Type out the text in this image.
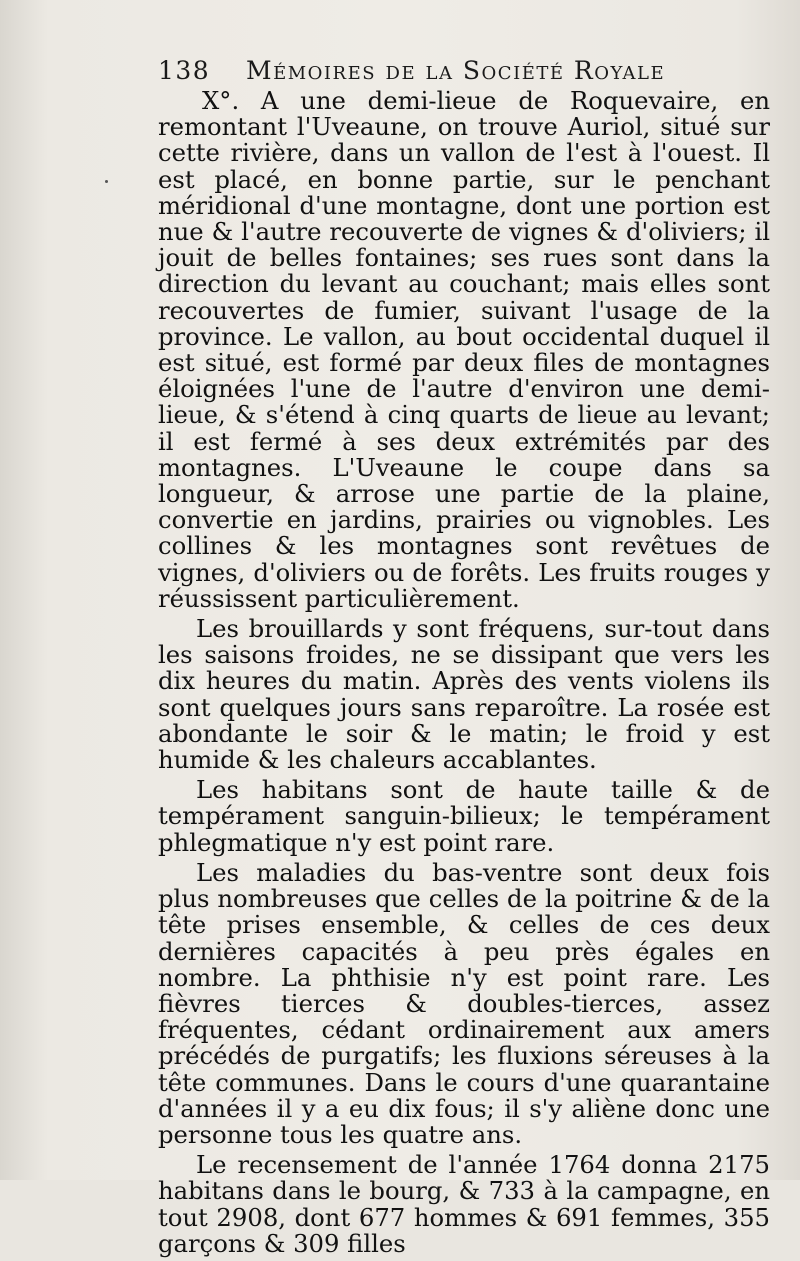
138 Mémoires de la Société Royale

X°. A une demi-lieue de Roquevaire, en remontant l'Uveaune, on trouve Auriol, situé sur cette rivière, dans un vallon de l'est à l'ouest. Il est placé, en bonne partie, sur le penchant méridional d'une montagne, dont une portion est nue & l'autre recouverte de vignes & d'oliviers; il jouit de belles fontaines; ses rues sont dans la direction du levant au couchant; mais elles sont recouvertes de fumier, suivant l'usage de la province. Le vallon, au bout occidental duquel il est situé, est formé par deux files de montagnes éloignées l'une de l'autre d'environ une demi-lieue, & s'étend à cinq quarts de lieue au levant; il est fermé à ses deux extrémités par des montagnes. L'Uveaune le coupe dans sa longueur, & arrose une partie de la plaine, convertie en jardins, prairies ou vignobles. Les collines & les montagnes sont revêtues de vignes, d'oliviers ou de forêts. Les fruits rouges y réussissent particulièrement.

Les brouillards y sont fréquens, sur-tout dans les saisons froides, ne se dissipant que vers les dix heures du matin. Après des vents violens ils sont quelques jours sans reparoître. La rosée est abondante le soir & le matin; le froid y est humide & les chaleurs accablantes.

Les habitans sont de haute taille & de tempérament sanguin-bilieux; le tempérament phlegmatique n'y est point rare.

Les maladies du bas-ventre sont deux fois plus nombreuses que celles de la poitrine & de la tête prises ensemble, & celles de ces deux dernières capacités à peu près égales en nombre. La phthisie n'y est point rare. Les fièvres tierces & doubles-tierces, assez fréquentes, cédant ordinairement aux amers précédés de purgatifs; les fluxions séreuses à la tête communes. Dans le cours d'une quarantaine d'années il y a eu dix fous; il s'y aliène donc une personne tous les quatre ans.

Le recensement de l'année 1764 donna 2175 habitans dans le bourg, & 733 à la campagne, en tout 2908, dont 677 hommes & 691 femmes, 355 garçons & 309 filles
